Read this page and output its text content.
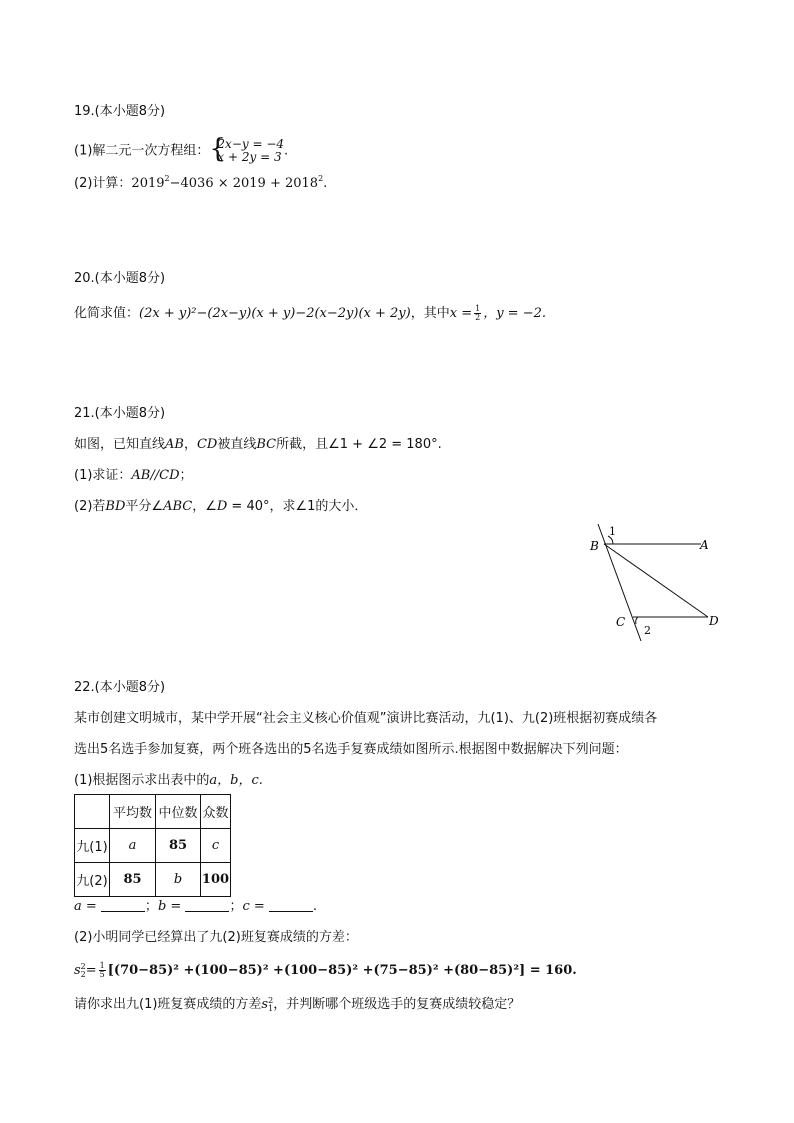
19.(本小题8分)
(1)解二元一次方程组： {
2x−y = −4
x + 2y = 3 .
(2)计算：$2019^2-4036 \times 2019 + 2018^2$.
20.(本小题8分)
化简求值：(2x + y)²−(2x−y)(x + y)−2(x−2y)(x + 2y)，其中$x = \frac{1}{2}$ ，y = −2.
21.(本小题8分)
如图，已知直线AB，CD被直线BC所截，且∠1 + ∠2 = 180°.
(1)求证：AB//CD；
(2)若BD平分∠ABC，∠D = 40°，求∠1的大小．
B
1
A
C
2
D
22.(本小题8分)
某市创建文明城市，某中学开展“社会主义核心价值观”演讲比赛活动，九(1)、九(2)班根据初赛成绩各
选出5名选手参加复赛，两个班各选出的5名选手复赛成绩如图所示.根据图中数据解决下列问题：
(1)根据图示求出表中的a，b，c.
	平均数	中位数	众数
九(1)	a	85	c
九(2)	85	b	100
a =	；b =	；c =	.
(2)小明同学已经算出了九(2)班复赛成绩的方差：
s 2
$2 = \frac{1}{5} [(70-85)^2 +(100-85)^2 +(100-85)^2 +(75-85)^2 +(80-85)^2] = 160$.
请你求出九(1)班复赛成绩的方差s 2
1 ，并判断哪个班级选手的复赛成绩较稳定？
